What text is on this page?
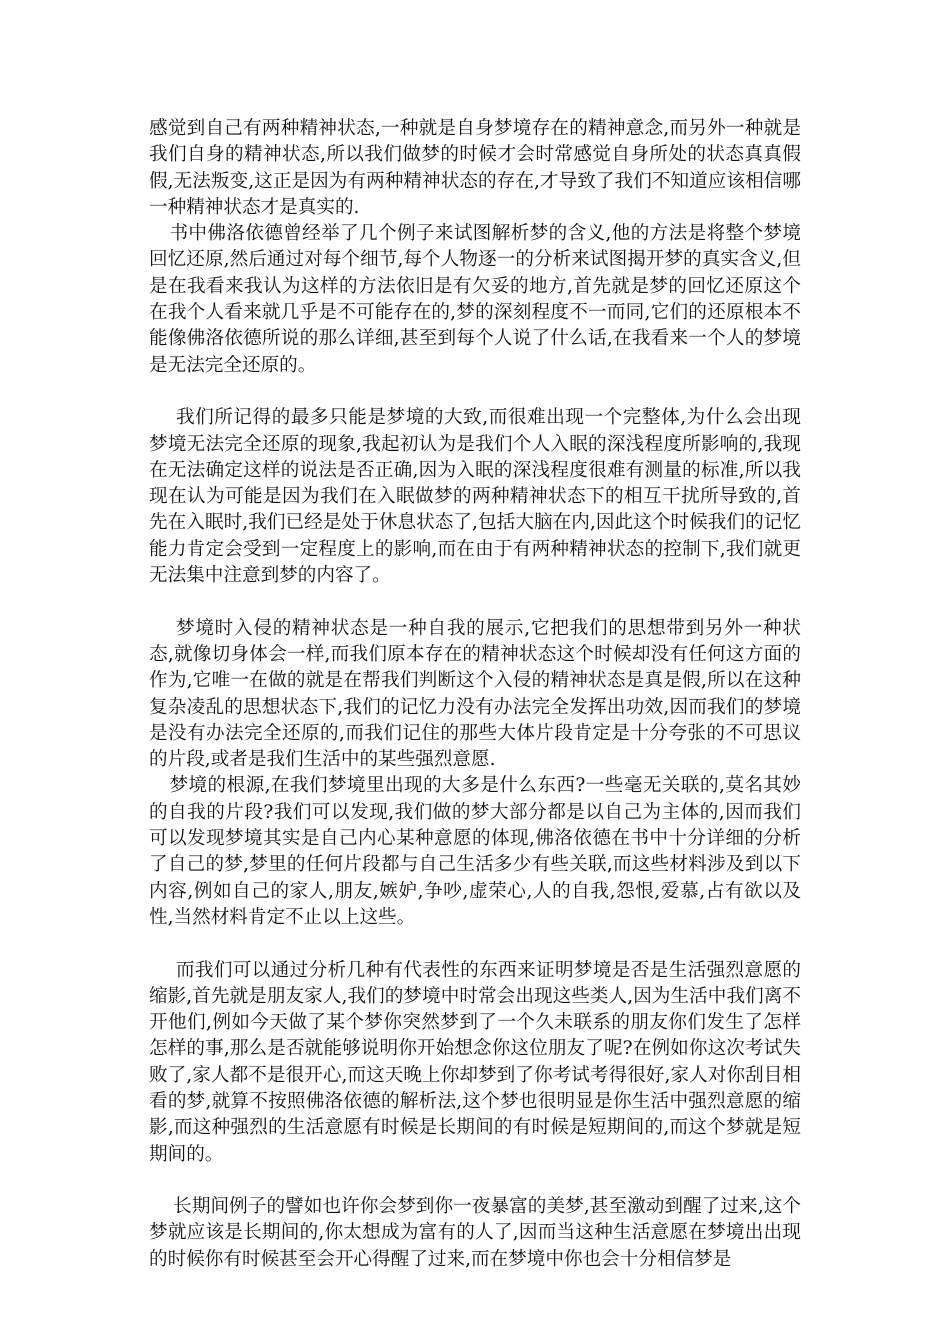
感觉到自己有两种精神状态,一种就是自身梦境存在的精神意念,而另外一种就是我们自身的精神状态,所以我们做梦的时候才会时常感觉自身所处的状态真真假假,无法叛变,这正是因为有两种精神状态的存在,才导致了我们不知道应该相信哪一种精神状态才是真实的.

书中佛洛依德曾经举了几个例子来试图解析梦的含义,他的方法是将整个梦境回忆还原,然后通过对每个细节,每个人物逐一的分析来试图揭开梦的真实含义,但是在我看来我认为这样的方法依旧是有欠妥的地方,首先就是梦的回忆还原这个在我个人看来就几乎是不可能存在的,梦的深刻程度不一而同,它们的还原根本不能像佛洛依德所说的那么详细,甚至到每个人说了什么话,在我看来一个人的梦境是无法完全还原的。

我们所记得的最多只能是梦境的大致,而很难出现一个完整体,为什么会出现梦境无法完全还原的现象,我起初认为是我们个人入眠的深浅程度所影响的,我现在无法确定这样的说法是否正确,因为入眠的深浅程度很难有测量的标准,所以我现在认为可能是因为我们在入眠做梦的两种精神状态下的相互干扰所导致的,首先在入眠时,我们已经是处于休息状态了,包括大脑在内,因此这个时候我们的记忆能力肯定会受到一定程度上的影响,而在由于有两种精神状态的控制下,我们就更无法集中注意到梦的内容了。

梦境时入侵的精神状态是一种自我的展示,它把我们的思想带到另外一种状态,就像切身体会一样,而我们原本存在的精神状态这个时候却没有任何这方面的作为,它唯一在做的就是在帮我们判断这个入侵的精神状态是真是假,所以在这种复杂凌乱的思想状态下,我们的记忆力没有办法完全发挥出功效,因而我们的梦境是没有办法完全还原的,而我们记住的那些大体片段肯定是十分夸张的不可思议的片段,或者是我们生活中的某些强烈意愿.

梦境的根源,在我们梦境里出现的大多是什么东西?一些毫无关联的,莫名其妙的自我的片段?我们可以发现,我们做的梦大部分都是以自己为主体的,因而我们可以发现梦境其实是自己内心某种意愿的体现,佛洛依德在书中十分详细的分析了自己的梦,梦里的任何片段都与自己生活多少有些关联,而这些材料涉及到以下内容,例如自己的家人,朋友,嫉妒,争吵,虚荣心,人的自我,怨恨,爱慕,占有欲以及性,当然材料肯定不止以上这些。

而我们可以通过分析几种有代表性的东西来证明梦境是否是生活强烈意愿的缩影,首先就是朋友家人,我们的梦境中时常会出现这些类人,因为生活中我们离不开他们,例如今天做了某个梦你突然梦到了一个久未联系的朋友你们发生了怎样怎样的事,那么是否就能够说明你开始想念你这位朋友了呢?在例如你这次考试失败了,家人都不是很开心,而这天晚上你却梦到了你考试考得很好,家人对你刮目相看的梦,就算不按照佛洛依德的解析法,这个梦也很明显是你生活中强烈意愿的缩影,而这种强烈的生活意愿有时候是长期间的有时候是短期间的,而这个梦就是短期间的。

长期间例子的譬如也许你会梦到你一夜暴富的美梦,甚至激动到醒了过来,这个梦就应该是长期间的,你太想成为富有的人了,因而当这种生活意愿在梦境出出现的时候你有时候甚至会开心得醒了过来,而在梦境中你也会十分相信梦是
